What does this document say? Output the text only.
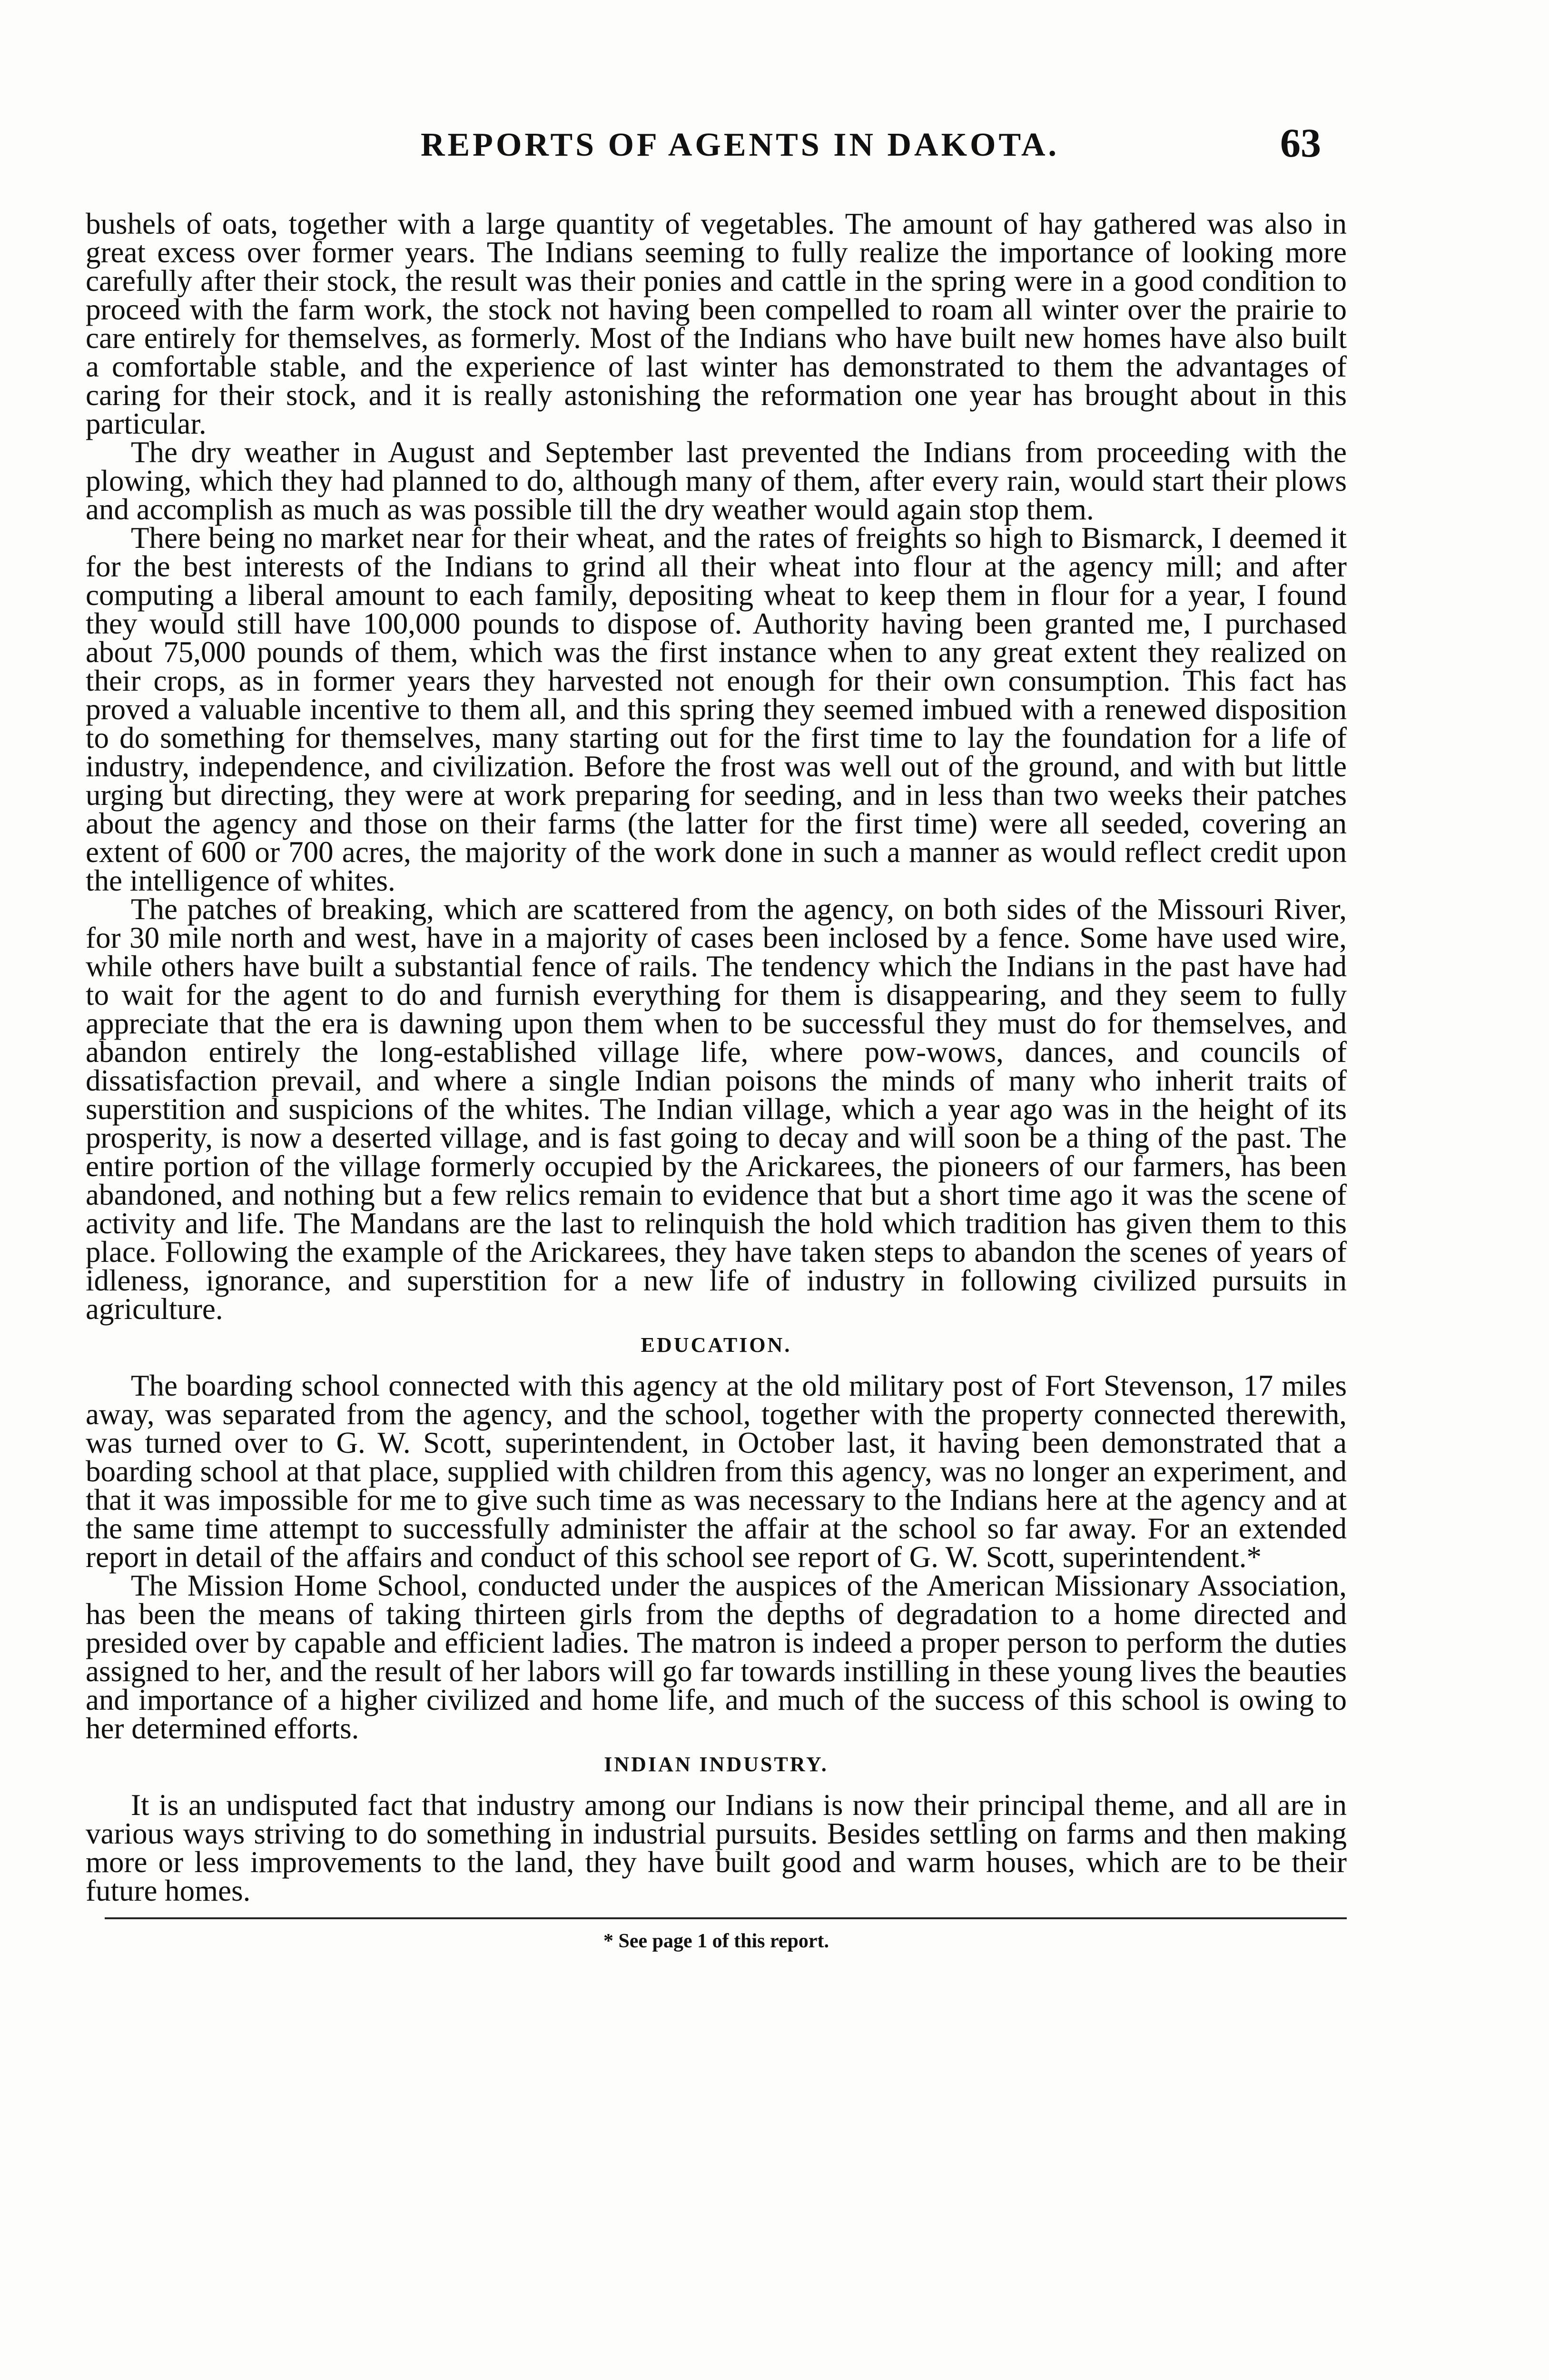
REPORTS OF AGENTS IN DAKOTA.	63

bushels of oats, together with a large quantity of vegetables. The amount of hay gathered was also in great excess over former years. The Indians seeming to fully realize the importance of looking more carefully after their stock, the result was their ponies and cattle in the spring were in a good condition to proceed with the farm work, the stock not having been compelled to roam all winter over the prairie to care entirely for themselves, as formerly. Most of the Indians who have built new homes have also built a comfortable stable, and the experience of last winter has demonstrated to them the advantages of caring for their stock, and it is really astonishing the reformation one year has brought about in this particular.

The dry weather in August and September last prevented the Indians from proceeding with the plowing, which they had planned to do, although many of them, after every rain, would start their plows and accomplish as much as was possible till the dry weather would again stop them.

There being no market near for their wheat, and the rates of freights so high to Bismarck, I deemed it for the best interests of the Indians to grind all their wheat into flour at the agency mill; and after computing a liberal amount to each family, depositing wheat to keep them in flour for a year, I found they would still have 100,000 pounds to dispose of. Authority having been granted me, I purchased about 75,000 pounds of them, which was the first instance when to any great extent they realized on their crops, as in former years they harvested not enough for their own consumption. This fact has proved a valuable incentive to them all, and this spring they seemed imbued with a renewed disposition to do something for themselves, many starting out for the first time to lay the foundation for a life of industry, independence, and civilization. Before the frost was well out of the ground, and with but little urging but directing, they were at work preparing for seeding, and in less than two weeks their patches about the agency and those on their farms (the latter for the first time) were all seeded, covering an extent of 600 or 700 acres, the majority of the work done in such a manner as would reflect credit upon the intelligence of whites.

The patches of breaking, which are scattered from the agency, on both sides of the Missouri River, for 30 mile north and west, have in a majority of cases been inclosed by a fence. Some have used wire, while others have built a substantial fence of rails. The tendency which the Indians in the past have had to wait for the agent to do and furnish everything for them is disappearing, and they seem to fully appreciate that the era is dawning upon them when to be successful they must do for themselves, and abandon entirely the long-established village life, where pow-wows, dances, and councils of dissatisfaction prevail, and where a single Indian poisons the minds of many who inherit traits of superstition and suspicions of the whites. The Indian village, which a year ago was in the height of its prosperity, is now a deserted village, and is fast going to decay and will soon be a thing of the past. The entire portion of the village formerly occupied by the Arickarees, the pioneers of our farmers, has been abandoned, and nothing but a few relics remain to evidence that but a short time ago it was the scene of activity and life. The Mandans are the last to relinquish the hold which tradition has given them to this place. Following the example of the Arickarees, they have taken steps to abandon the scenes of years of idleness, ignorance, and superstition for a new life of industry in following civilized pursuits in agriculture.

EDUCATION.

The boarding school connected with this agency at the old military post of Fort Stevenson, 17 miles away, was separated from the agency, and the school, together with the property connected therewith, was turned over to G. W. Scott, superintendent, in October last, it having been demonstrated that a boarding school at that place, supplied with children from this agency, was no longer an experiment, and that it was impossible for me to give such time as was necessary to the Indians here at the agency and at the same time attempt to successfully administer the affair at the school so far away. For an extended report in detail of the affairs and conduct of this school see report of G. W. Scott, superintendent.*

The Mission Home School, conducted under the auspices of the American Missionary Association, has been the means of taking thirteen girls from the depths of degradation to a home directed and presided over by capable and efficient ladies. The matron is indeed a proper person to perform the duties assigned to her, and the result of her labors will go far towards instilling in these young lives the beauties and importance of a higher civilized and home life, and much of the success of this school is owing to her determined efforts.

INDIAN INDUSTRY.

It is an undisputed fact that industry among our Indians is now their principal theme, and all are in various ways striving to do something in industrial pursuits. Besides settling on farms and then making more or less improvements to the land, they have built good and warm houses, which are to be their future homes.

* See page 1 of this report.
